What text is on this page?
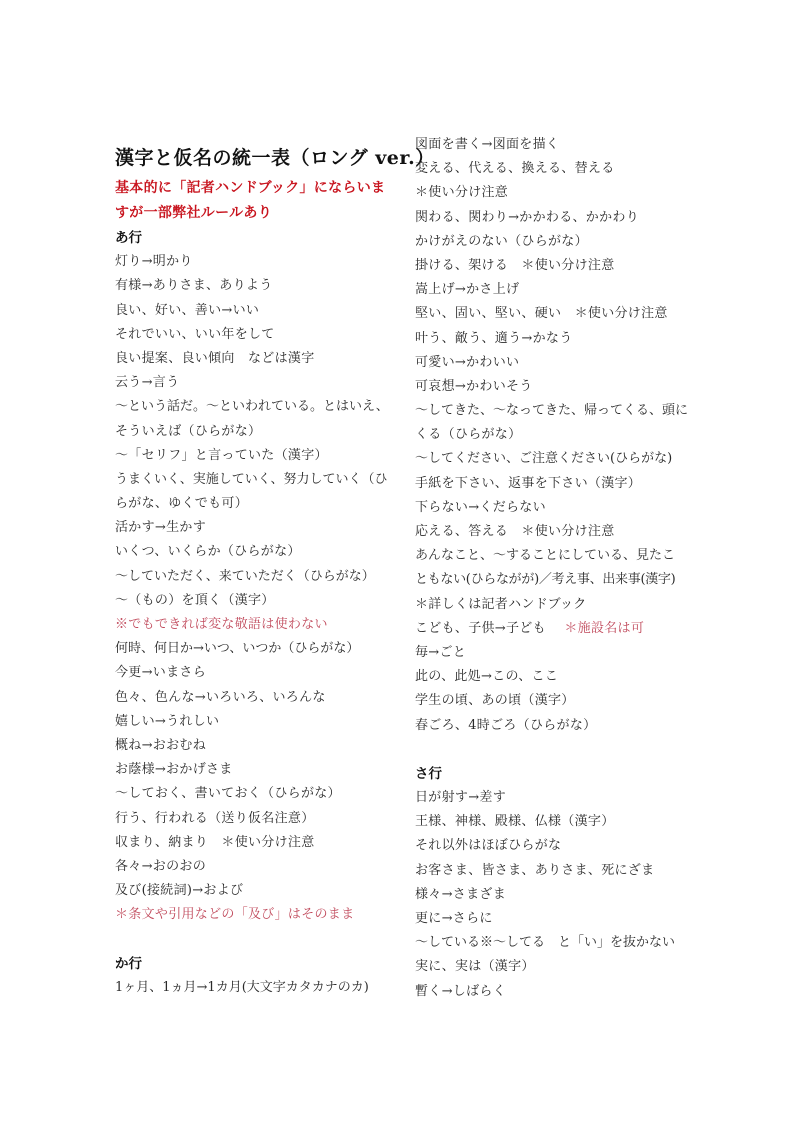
漢字と仮名の統一表（ロング ver.）
基本的に「記者ハンドブック」にならいま
すが一部弊社ルールあり
あ行
灯り→明かり
有様→ありさま、ありよう
良い、好い、善い→いい
それでいい、いい年をして
良い提案、良い傾向　などは漢字
云う→言う
〜という話だ。〜といわれている。とはいえ、
そういえば（ひらがな）
〜「セリフ」と言っていた（漢字）
うまくいく、実施していく、努力していく（ひ
らがな、ゆくでも可）
活かす→生かす
いくつ、いくらか（ひらがな）
〜していただく、来ていただく（ひらがな）
〜（もの）を頂く（漢字）
※でもできれば変な敬語は使わない
何時、何日か→いつ、いつか（ひらがな）
今更→いまさら
色々、色んな→いろいろ、いろんな
嬉しい→うれしい
概ね→おおむね
お蔭様→おかげさま
〜しておく、書いておく（ひらがな）
行う、行われる（送り仮名注意）
収まり、納まり　＊使い分け注意
各々→おのおの
及び(接続詞)→および
＊条文や引用などの「及び」はそのまま
か行
1ヶ月、1ヵ月→1カ月(大文字カタカナのカ)
図面を書く→図面を描く
変える、代える、換える、替える
＊使い分け注意
関わる、関わり→かかわる、かかわり
かけがえのない（ひらがな）
掛ける、架ける　＊使い分け注意
嵩上げ→かさ上げ
堅い、固い、堅い、硬い　＊使い分け注意
叶う、敵う、適う→かなう
可愛い→かわいい
可哀想→かわいそう
〜してきた、〜なってきた、帰ってくる、頭に
くる（ひらがな）
〜してください、ご注意ください(ひらがな)
手紙を下さい、返事を下さい（漢字）
下らない→くだらない
応える、答える　＊使い分け注意
あんなこと、〜することにしている、見たこ
ともない(ひらながが)／考え事、出来事(漢字)
＊詳しくは記者ハンドブック
こども、子供→子ども ＊施設名は可
毎→ごと
此の、此処→この、ここ
学生の頃、あの頃（漢字）
春ごろ、4時ごろ（ひらがな）
さ行
日が射す→差す
王様、神様、殿様、仏様（漢字）
それ以外はほぼひらがな
お客さま、皆さま、ありさま、死にざま
様々→さまざま
更に→さらに
〜している※〜してる　と「い」を抜かない
実に、実は（漢字）
暫く→しばらく
